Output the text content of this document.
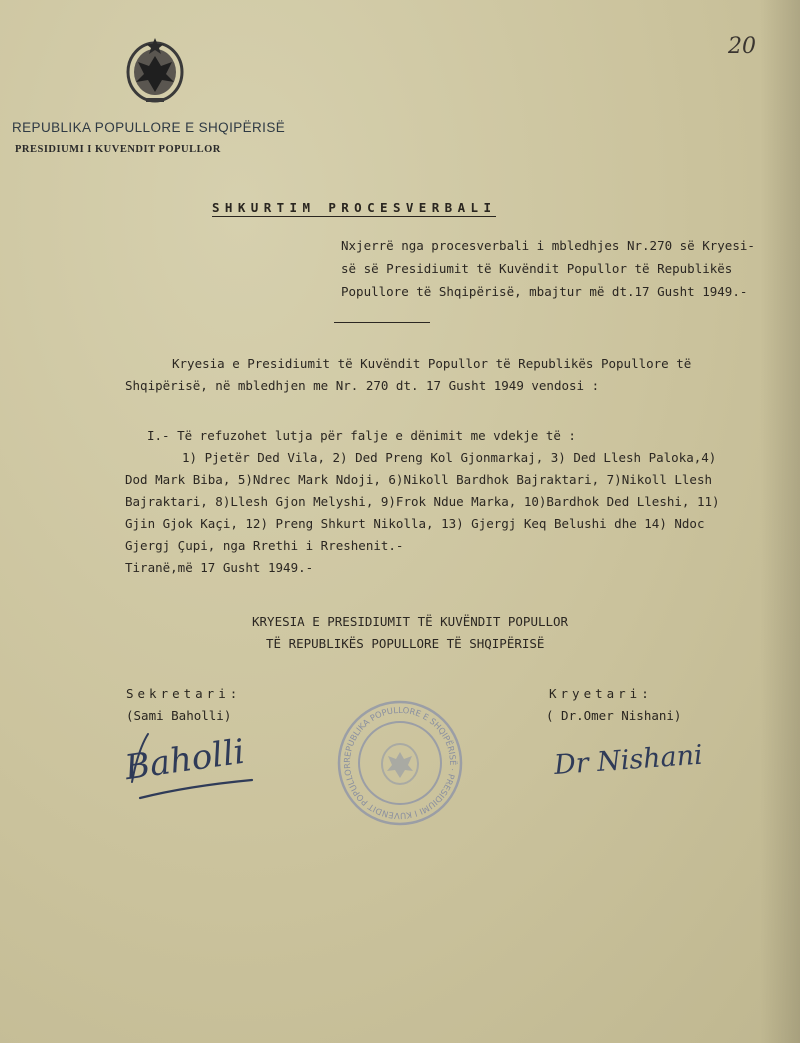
20

REPUBLIKA POPULLORE E SHQIPËRISË

PRESIDIUMI I KUVENDIT POPULLOR

SHKURTIM PROCESVERBALI

Nxjerrë nga procesverbali i mbledhjes Nr.270 së Kryesi-

së së Presidiumit të Kuvëndit Popullor të Republikës

Popullore të Shqipërisë, mbajtur më dt.17 Gusht 1949.-

Kryesia e Presidiumit të Kuvëndit Popullor të Republikës Popullore të

Shqipërisë, në mbledhjen me Nr. 270 dt. 17 Gusht 1949 vendosi :

I.- Të refuzohet lutja për falje e dënimit me vdekje të :

1) Pjetër Ded Vila, 2) Ded Preng Kol Gjonmarkaj, 3) Ded Llesh Paloka,4)

Dod Mark Biba, 5)Ndrec Mark Ndoji, 6)Nikoll Bardhok Bajraktari, 7)Nikoll Llesh

Bajraktari, 8)Llesh Gjon Melyshi, 9)Frok Ndue Marka, 10)Bardhok Ded Lleshi, 11)

Gjin Gjok Kaçi, 12) Preng Shkurt Nikolla, 13) Gjergj Keq Belushi dhe 14) Ndoc

Gjergj Çupi, nga Rrethi i Rreshenit.-

Tiranë,më 17 Gusht 1949.-

KRYESIA E PRESIDIUMIT TË KUVËNDIT POPULLOR

TË REPUBLIKËS POPULLORE TË SHQIPËRISË

Sekretari:

(Sami Baholli)

Kryetari:

( Dr.Omer Nishani)

REPUBLIKA POPULLORE E SHQIPËRISË · PRESIDIUMI I KUVENDIT POPULLOR
Baholli	Dr Nishani
